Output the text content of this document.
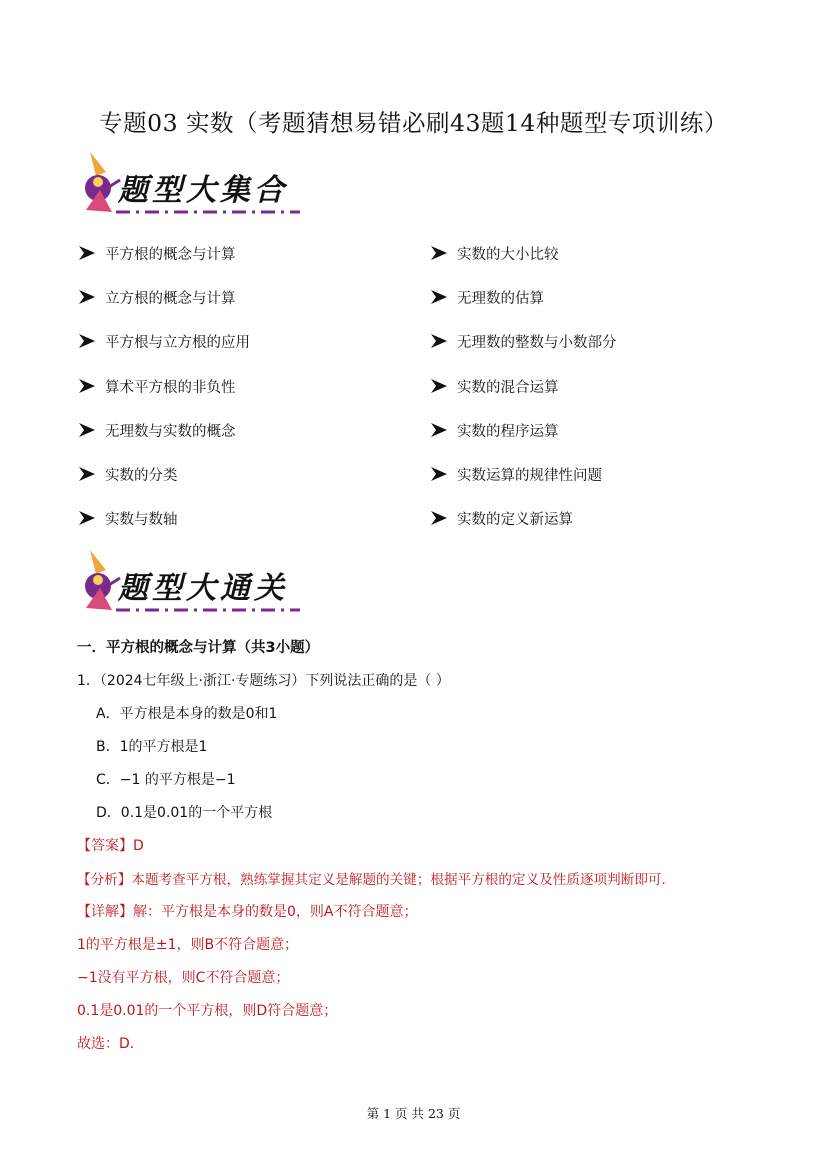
专题03 实数（考题猜想易错必刷43题14种题型专项训练）
题型大集合
平方根的概念与计算
立方根的概念与计算
平方根与立方根的应用
算术平方根的非负性
无理数与实数的概念
实数的分类
实数与数轴
实数的大小比较
无理数的估算
无理数的整数与小数部分
实数的混合运算
实数的程序运算
实数运算的规律性问题
实数的定义新运算
题型大通关
一．平方根的概念与计算（共3小题）
1．（2024七年级上·浙江·专题练习）下列说法正确的是（ ）
A．平方根是本身的数是0和1
B．1的平方根是1
C．−1 的平方根是−1
D．0.1是0.01的一个平方根
【答案】D
【分析】本题考查平方根，熟练掌握其定义是解题的关键；根据平方根的定义及性质逐项判断即可．
【详解】解：平方根是本身的数是0，则A不符合题意；
1的平方根是±1，则B不符合题意；
−1没有平方根，则C不符合题意；
0.1是0.01的一个平方根，则D符合题意；
故选：D．
第 1 页 共 23 页
